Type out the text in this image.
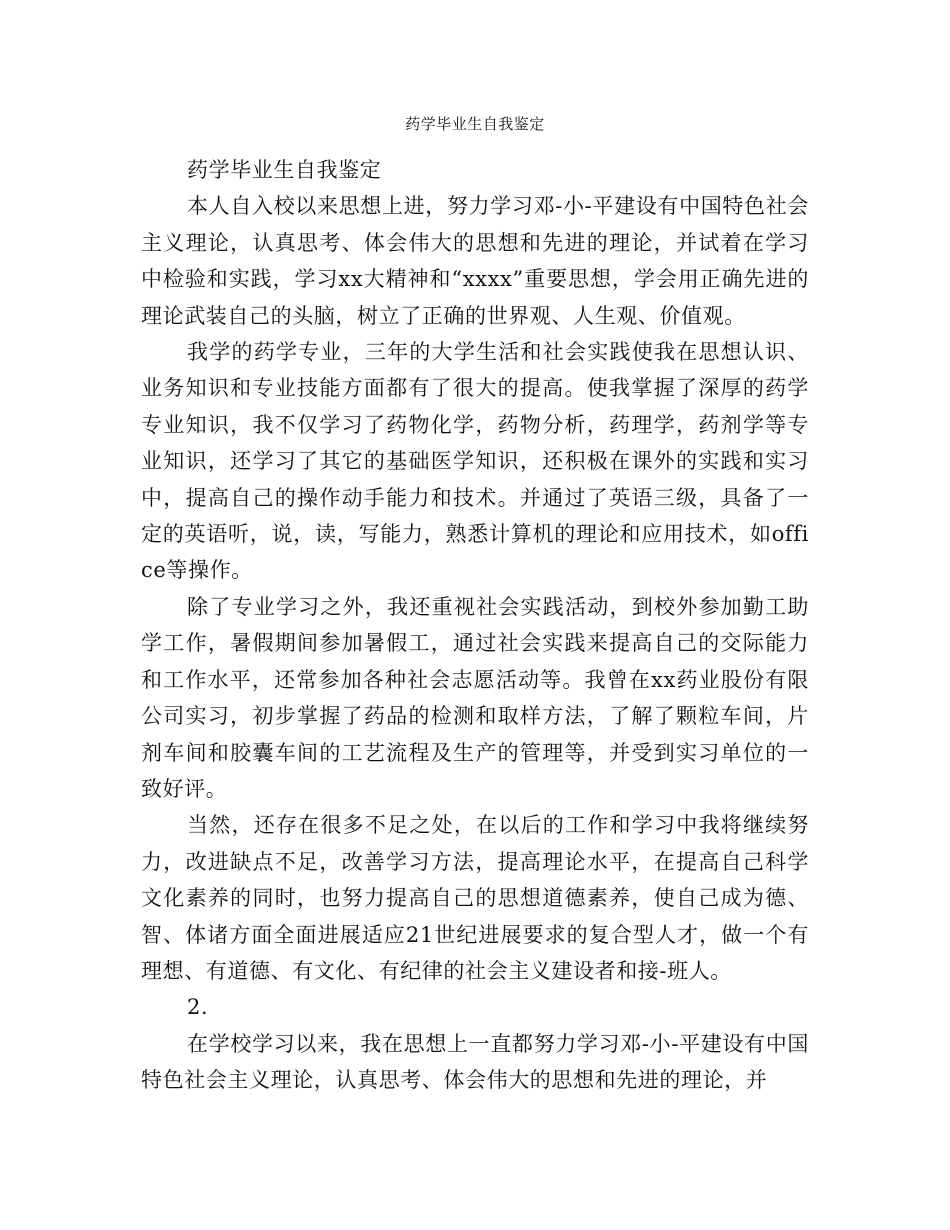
药学毕业生自我鉴定

药学毕业生自我鉴定

本人自入校以来思想上进，努力学习邓-小-平建设有中国特色社会主义理论，认真思考、体会伟大的思想和先进的理论，并试着在学习中检验和实践，学习xx大精神和“xxxx”重要思想，学会用正确先进的理论武装自己的头脑，树立了正确的世界观、人生观、价值观。

我学的药学专业，三年的大学生活和社会实践使我在思想认识、业务知识和专业技能方面都有了很大的提高。使我掌握了深厚的药学专业知识，我不仅学习了药物化学，药物分析，药理学，药剂学等专业知识，还学习了其它的基础医学知识，还积极在课外的实践和实习中，提高自己的操作动手能力和技术。并通过了英语三级，具备了一定的英语听，说，读，写能力，熟悉计算机的理论和应用技术，如office等操作。

除了专业学习之外，我还重视社会实践活动，到校外参加勤工助学工作，暑假期间参加暑假工，通过社会实践来提高自己的交际能力和工作水平，还常参加各种社会志愿活动等。我曾在xx药业股份有限公司实习，初步掌握了药品的检测和取样方法，了解了颗粒车间，片剂车间和胶囊车间的工艺流程及生产的管理等，并受到实习单位的一致好评。

当然，还存在很多不足之处，在以后的工作和学习中我将继续努力，改进缺点不足，改善学习方法，提高理论水平，在提高自己科学文化素养的同时，也努力提高自己的思想道德素养，使自己成为德、智、体诸方面全面进展适应21世纪进展要求的复合型人才，做一个有理想、有道德、有文化、有纪律的社会主义建设者和接-班人。

2.

在学校学习以来，我在思想上一直都努力学习邓-小-平建设有中国特色社会主义理论，认真思考、体会伟大的思想和先进的理论，并
